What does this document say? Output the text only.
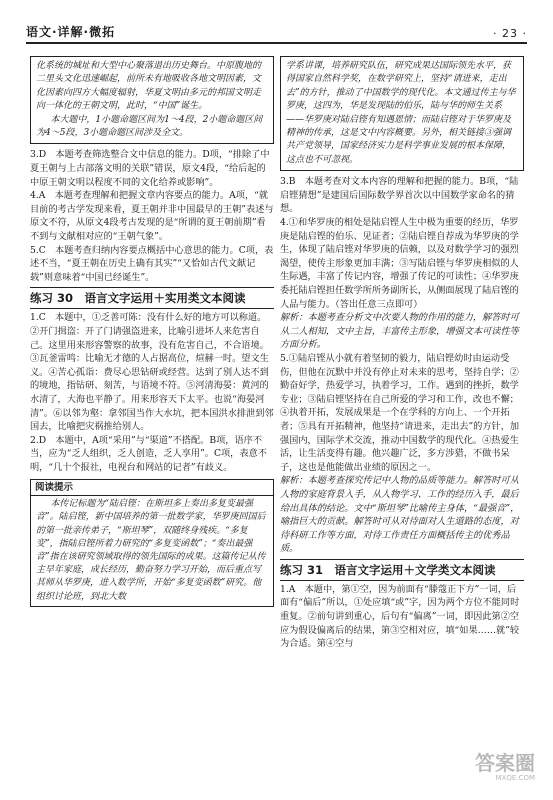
语文·详解·微拓	· 23 ·

化系统的城址和大型中心聚落退出历史舞台。中原腹地的二里头文化迅速崛起，前所未有地吸收各地文明因素，文化因素向四方大幅度辐射，华夏文明由多元的邦国文明走向一体化的王朝文明，此时，“中国”诞生。

本大题中，1小题命题区间为1～4段，2小题命题区间为4～5段，3小题命题区间涉及全文。

3.D　本题考查筛选整合文中信息的能力。D项，“排除了中夏王朝与上古部落文明的关联”错误，原文4段，“给后起的中原王朝文明以程度不同的文化给养或影响”。

4.A　本题考查理解和把握文章内容要点的能力。A项，“就目前的考古学发现来看，夏王朝并非中国最早的王朝”表述与原文不符，从原文4段考古发现的是“所谓的夏王朝前期”看不到与文献相对应的“王朝气象”。

5.C　本题考查归纳内容要点概括中心意思的能力。C项，表述不当，“夏王朝在历史上确有其实”“又恰如古代文献记载”则意味着“中国已经诞生”。

练习 30　语言文字运用＋实用类文本阅读

1.C　本题中，①乏善可陈：没有什么好的地方可以称道。②开门揖盗：开了门请强盗进来，比喻引进坏人来危害自己。这里用来形容警察的故事，没有危害自己，不合语境。③瓦釜雷鸣：比喻无才德的人占据高位，煊赫一时。望文生义。④苦心孤诣：费尽心思钻研或经营。达到了别人达不到的境地，指钻研、刻苦，与语境不符。⑤河清海晏：黄河的水清了，大海也平静了。用来形容天下太平。也说“海晏河清”。⑥以邻为壑：拿邻国当作大水坑，把本国洪水排泄到邻国去，比喻把灾祸推给别人。

2.D　本题中，A项“采用”与“渠道”不搭配。B项，语序不当，应为“乏人组织，乏人创造，乏人享用”。C项，表意不明，“几十个报社，电视台和网站的记者”有歧义。

阅读提示

本传记标题为“陆启铿：在斯坦多上奏出多复变最强音”。陆启铿，新中国培养的第一批数学家，华罗庚回国后的第一批亲传弟子，“斯坦琴”，双随终身残疾。“多复变”，指陆启铿所着力研究的“多复变函数”；“奏出最强音”指在该研究领域取得的领先国际的成果。这篇传记从传主早年家庭，成长经历，勤奋努力学习开始，而后重点写其师从华罗庚，进入数学所，开始“多复变函数”研究。他组织讨论班，到北大数

学系讲课，培养研究队伍，研究成果达国际领先水平，获得国家自然科学奖，在数学研究上，坚持“请进来，走出去”的方针，推动了中国数学的现代化。本文通过传主与华罗庚，这四为，华是发现陆的伯乐，陆与华的师生关系——华罗庚对陆启铿有知遇恩情；而陆启铿对于华罗庚及精神的传承，这是文中内容概要。另外，相关链接③强调共产党领导，国家经济实力是科学事业发展的根本保障，这点也不可忽视。

3.B　本题考查对文本内容的理解和把握的能力。B项，“陆启铿猜想”是建国后国际数学界首次以中国数学家命名的猜想。

4.①和华罗庚的相处是陆启铿人生中极为重要的经历，华罗庚是陆启铿的伯乐、见证者；②陆启铿自荐成为华罗庚的学生，体现了陆启铿对华罗庚的信赖，以及对数学学习的强烈渴望，使传主形象更加丰满；③写陆启铿与华罗庚相似的人生际遇，丰富了传记内容，增强了传记的可读性；④华罗庚委托陆启铿担任数学所所务副所长，从侧面展现了陆启铿的人品与能力。（答出任意三点即可）

解析：本题考查分析文中次要人物的作用的能力，解答时可从二人相知，文中主旨，丰富传主形象，增强文本可读性等方面分析。

5.①陆启铿从小就有着坚韧的毅力，陆启铿幼时由运动受伤，但他在沉默中并没有停止对未来的思考，坚持自学；②勤奋好学，热爱学习，执着学习，工作。遇到的挫折，数学专业；③陆启铿坚持在自己所爱的学习和工作，改也不懈；④执着开拓，发展成果是一个在学科的方向上、一个开拓者；⑤具有开拓精神，他坚持“请进来，走出去”的方针，加强国内，国际学术交流，推动中国数学的现代化。④热爱生活，让生活变得有趣。他兴趣广泛，多方涉猎，不做书呆子，这也是他能做出业绩的原因之一。

解析：本题考查探究传记中人物的品质等能力。解答时可从人物的家庭背景入手，从人物学习、工作的经历入手，最后给出具体的结论。文中“斯坦琴”比喻传主身体，“最强音”，喻指巨大的贡献。解答时可从对待面对人生道路的态度，对待科研工作等方面，对待工作责任方面概括传主的优秀品质。

练习 31　语言文字运用＋文学类文本阅读

1.A　本题中，第①空，因为前面有“滕蔻正下方”一词，后面有“偏后”所以，①处应填“或”字，因为两个方位不能同时重复。②前句讲到重心，后句有“偏离”一词，即因此第②空应为假设偏离后的结果，第③空相对应，填“如果……就”较为合适。第④空与

答案圈
MXQE.COM
